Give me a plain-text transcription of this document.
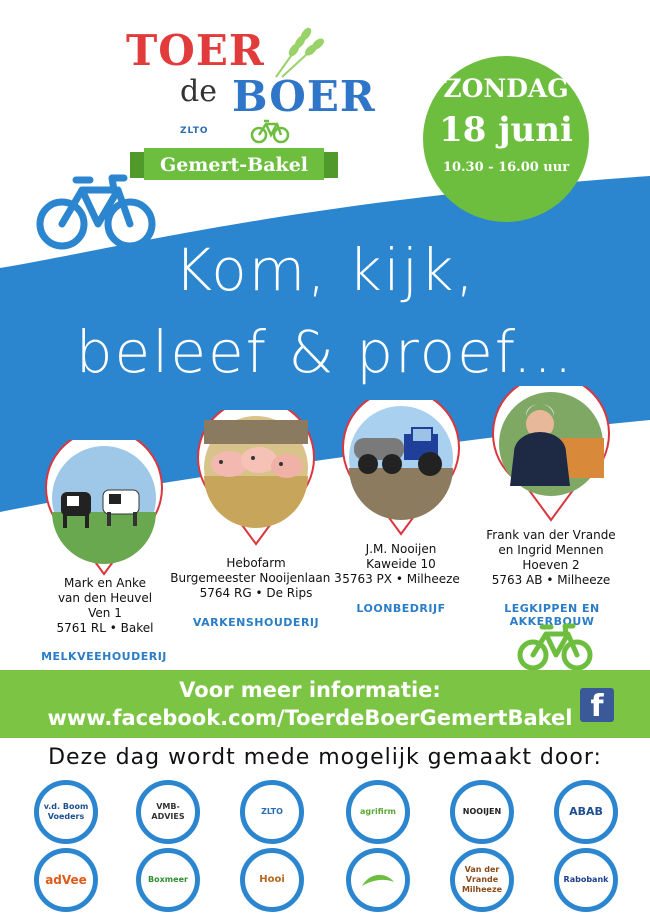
TOER
de BOER
ZLTO
Gemert-Bakel
ZONDAG
18 juni
10.30 - 16.00 uur
Kom, kijk,
beleef & proef...
Mark en Anke
van den Heuvel
Ven 1
5761 RL • Bakel
MELKVEEHOUDERIJ
Hebofarm
Burgemeester Nooijenlaan 3
5764 RG • De Rips
VARKENSHOUDERIJ
J.M. Nooijen
Kaweide 10
5763 PX • Milheeze
LOONBEDRIJF
Frank van der Vrande
en Ingrid Mennen
Hoeven 2
5763 AB • Milheeze
LEGKIPPEN EN AKKERBOUW
Voor meer informatie:
www.facebook.com/ToerdeBoerGemertBakel f
Deze dag wordt mede mogelijk gemaakt door:
v.d. Boom Voeders
VMB-ADVIES
ZLTO	agrifirm	NOOIJEN	ABAB
adVee	Boxmeer	Hooi
Van der Vrande Milheeze
Rabobank
